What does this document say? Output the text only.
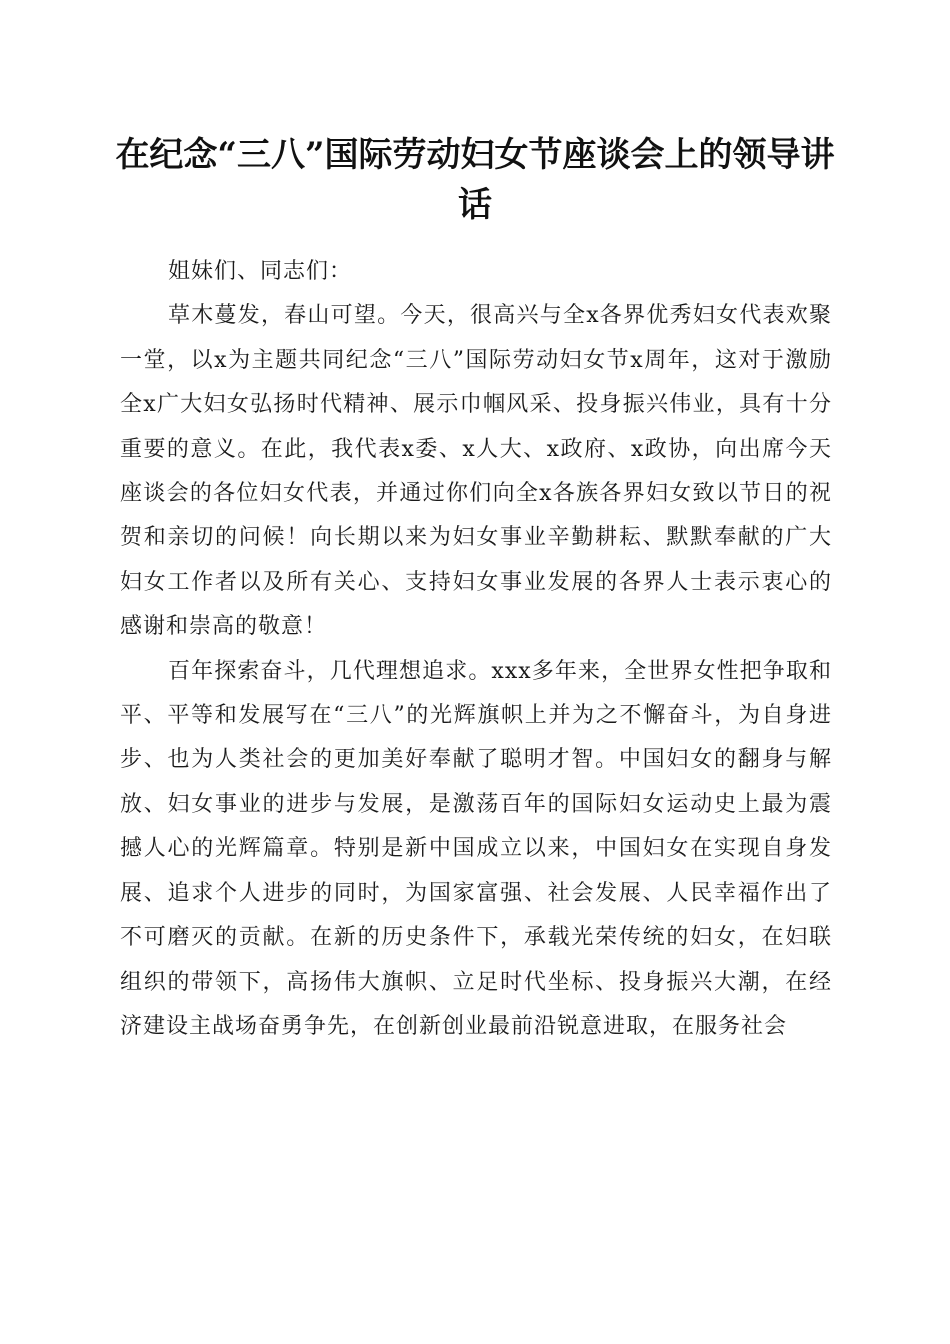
在纪念“三八”国际劳动妇女节座谈会上的领导讲话

姐妹们、同志们：

草木蔓发，春山可望。今天，很高兴与全x各界优秀妇女代表欢聚一堂，以x为主题共同纪念“三八”国际劳动妇女节x周年，这对于激励全x广大妇女弘扬时代精神、展示巾帼风采、投身振兴伟业，具有十分重要的意义。在此，我代表x委、x人大、x政府、x政协，向出席今天座谈会的各位妇女代表，并通过你们向全x各族各界妇女致以节日的祝贺和亲切的问候！向长期以来为妇女事业辛勤耕耘、默默奉献的广大妇女工作者以及所有关心、支持妇女事业发展的各界人士表示衷心的感谢和崇高的敬意！

百年探索奋斗，几代理想追求。xxx多年来，全世界女性把争取和平、平等和发展写在“三八”的光辉旗帜上并为之不懈奋斗，为自身进步、也为人类社会的更加美好奉献了聪明才智。中国妇女的翻身与解放、妇女事业的进步与发展，是激荡百年的国际妇女运动史上最为震撼人心的光辉篇章。特别是新中国成立以来，中国妇女在实现自身发展、追求个人进步的同时，为国家富强、社会发展、人民幸福作出了不可磨灭的贡献。在新的历史条件下，承载光荣传统的妇女，在妇联组织的带领下，高扬伟大旗帜、立足时代坐标、投身振兴大潮，在经济建设主战场奋勇争先，在创新创业最前沿锐意进取，在服务社会
